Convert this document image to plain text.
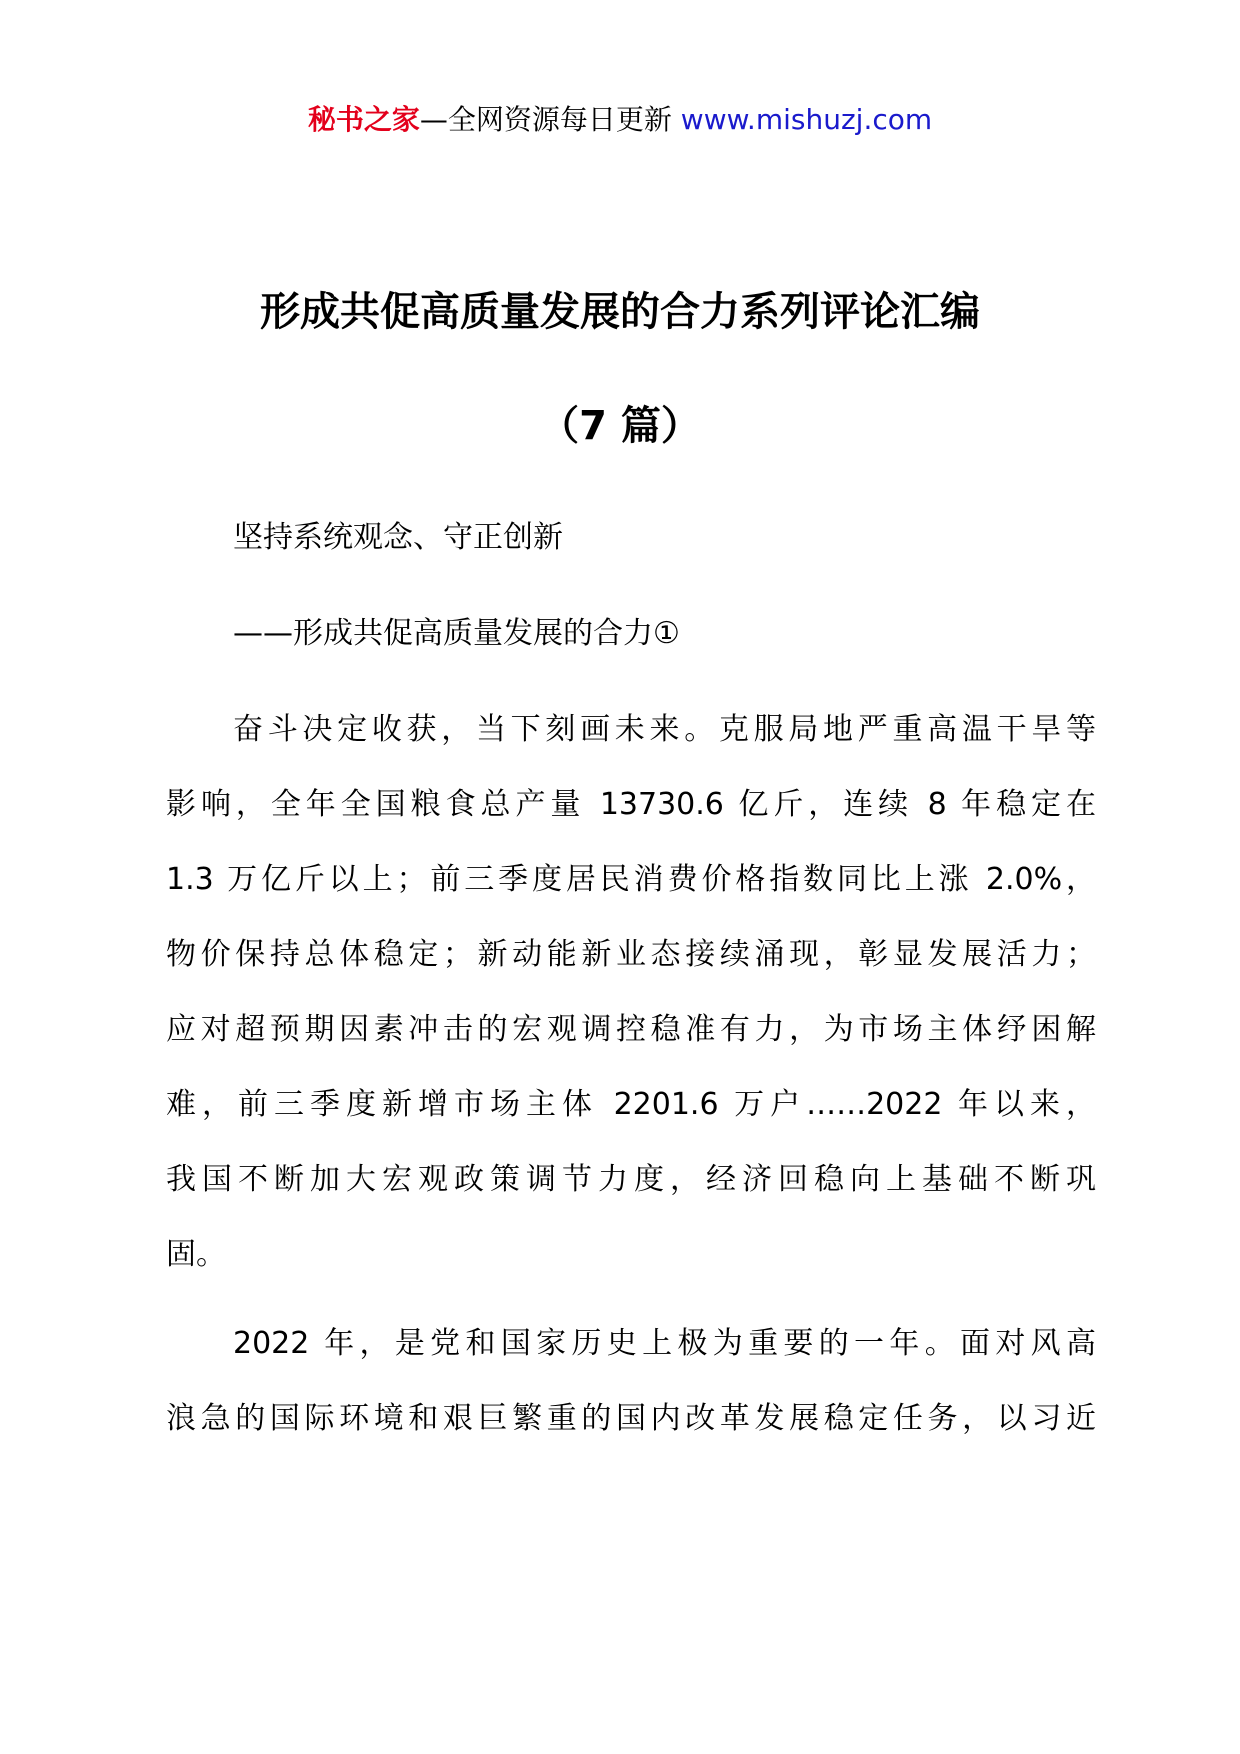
秘书之家—全网资源每日更新 www.mishuzj.com
形成共促高质量发展的合力系列评论汇编
（7 篇）
坚持系统观念、守正创新
——形成共促高质量发展的合力①
奋斗决定收获，当下刻画未来。克服局地严重高温干旱等
影响，全年全国粮食总产量 13730.6 亿斤，连续 8 年稳定在
1.3 万亿斤以上；前三季度居民消费价格指数同比上涨 2.0%，
物价保持总体稳定；新动能新业态接续涌现，彰显发展活力；
应对超预期因素冲击的宏观调控稳准有力，为市场主体纾困解
难，前三季度新增市场主体 2201.6 万户……2022 年以来，
我国不断加大宏观政策调节力度，经济回稳向上基础不断巩
固。
2022 年，是党和国家历史上极为重要的一年。面对风高
浪急的国际环境和艰巨繁重的国内改革发展稳定任务，以习近
